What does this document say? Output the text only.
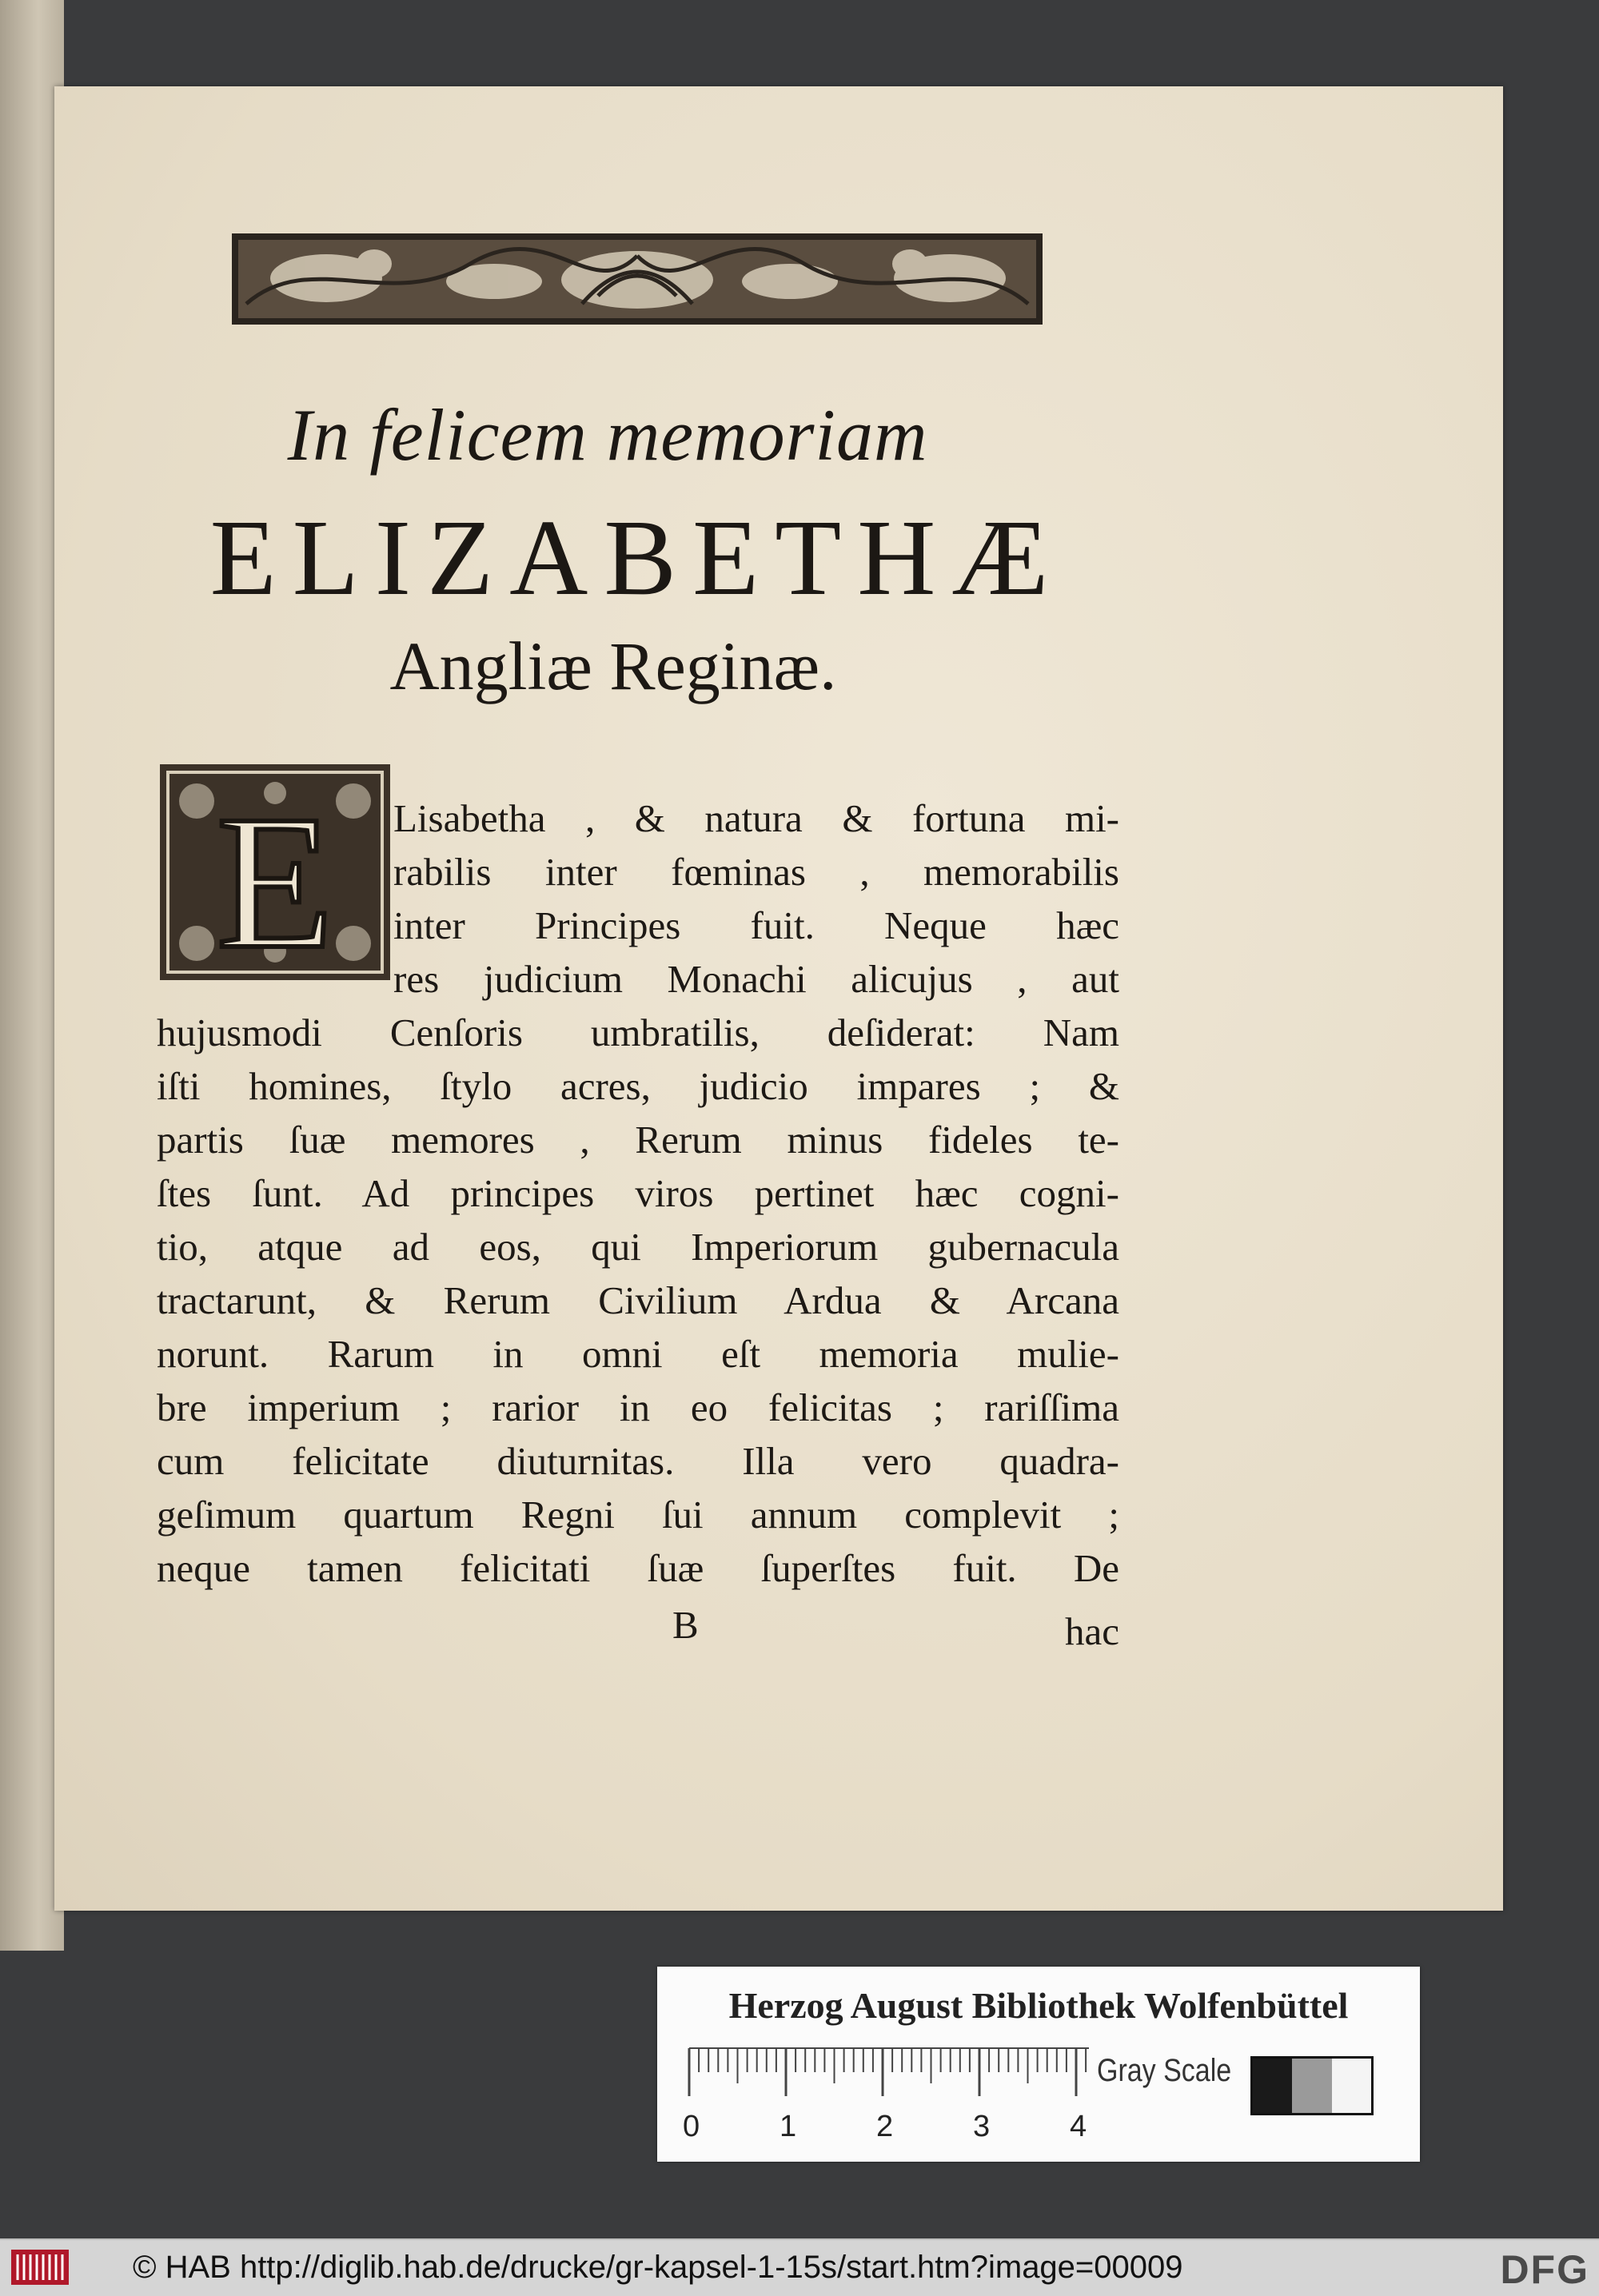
In felicem memoriam
ELIZABETHÆ
Angliæ Reginæ.
E Lisabetha , & natura & fortuna mi-
rabilis inter fœminas , memorabilis
inter Principes fuit. Neque hæc
res judicium Monachi alicujus , aut
hujusmodi Cenſoris umbratilis, deſiderat: Nam
iſti homines, ſtylo acres, judicio impares ; &
partis ſuæ memores , Rerum minus fideles te-
ſtes ſunt. Ad principes viros pertinet hæc cogni-
tio, atque ad eos, qui Imperiorum gubernacula
tractarunt, & Rerum Civilium Ardua & Arcana
norunt. Rarum in omni eſt memoria mulie-
bre imperium ; rarior in eo felicitas ; rariſſima
cum felicitate diuturnitas. Illa vero quadra-
geſimum quartum Regni ſui annum complevit ;
neque tamen felicitati ſuæ ſuperſtes fuit. De
B	hac
Herzog August Bibliothek Wolfenbüttel
0	1	2	3	4
Gray Scale
© HAB http://diglib.hab.de/drucke/gr-kapsel-1-15s/start.htm?image=00009	DFG
